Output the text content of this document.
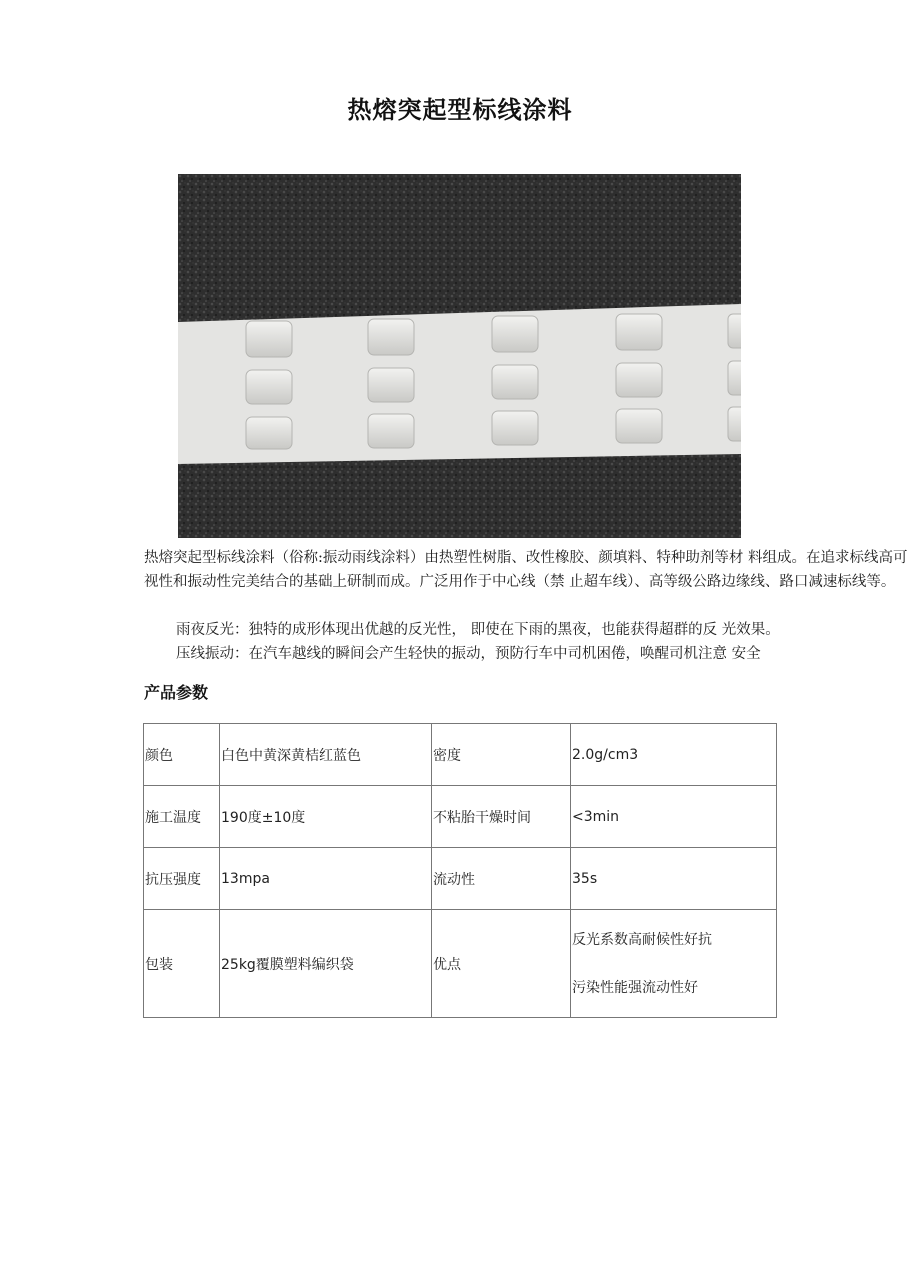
热熔突起型标线涂料
热熔突起型标线涂料（俗称:振动雨线涂料）由热塑性树脂、改性橡胶、颜填料、特种助剂等材 料组成。在追求标线高可视性和振动性完美结合的基础上研制而成。广泛用作于中心线（禁 止超车线）、高等级公路边缘线、路口减速标线等。
雨夜反光：独特的成形体现出优越的反光性， 即使在下雨的黑夜，也能获得超群的反 光效果。
压线振动：在汽车越线的瞬间会产生轻快的振动，预防行车中司机困倦，唤醒司机注意 安全
产品参数
颜色	白色中黄深黄桔红蓝色	密度	2.0g/cm3
施工温度	190度±10度	不粘胎干燥时间	<3min
抗压强度	13mpa	流动性	35s
包装	25kg覆膜塑料编织袋	优点	反光系数高耐候性好抗
污染性能强流动性好
